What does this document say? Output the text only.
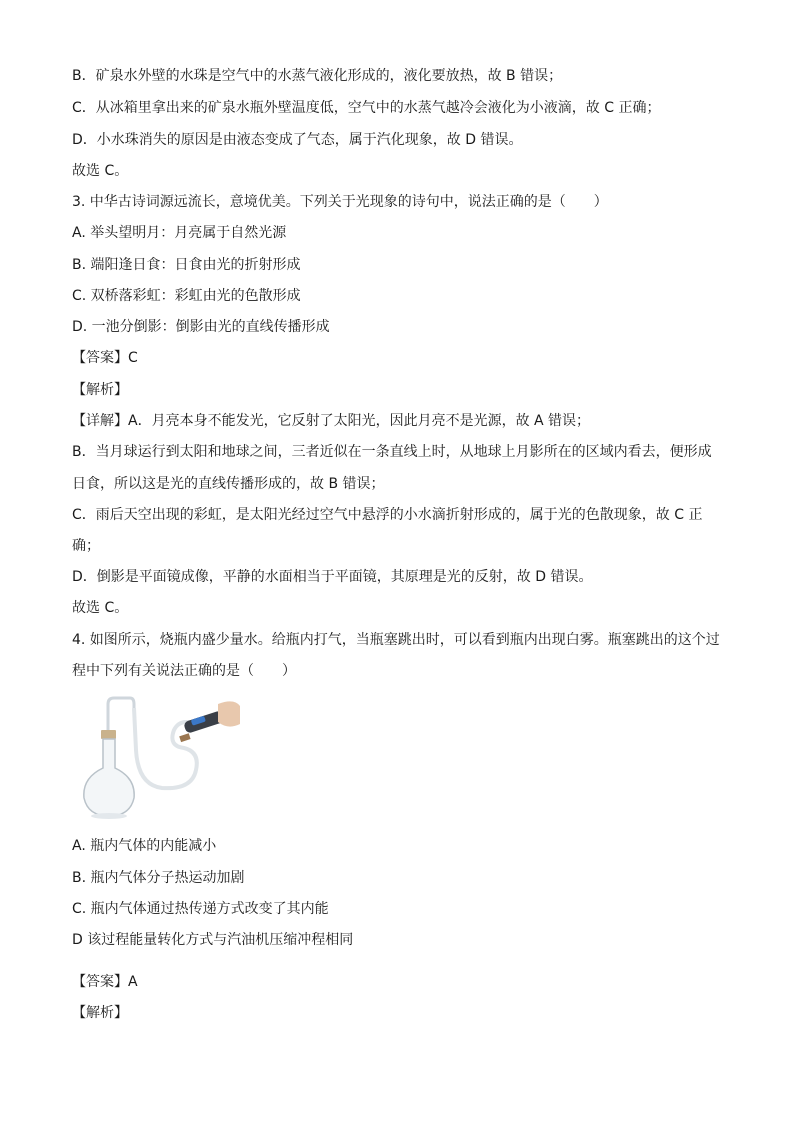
B．矿泉水外壁的水珠是空气中的水蒸气液化形成的，液化要放热，故 B 错误；
C．从冰箱里拿出来的矿泉水瓶外壁温度低，空气中的水蒸气越冷会液化为小液滴，故 C 正确；
D．小水珠消失的原因是由液态变成了气态，属于汽化现象，故 D 错误。
故选 C。
3. 中华古诗词源远流长，意境优美。下列关于光现象的诗句中，说法正确的是（　　）
A. 举头望明月：月亮属于自然光源
B. 端阳逢日食：日食由光的折射形成
C. 双桥落彩虹：彩虹由光的色散形成
D. 一池分倒影：倒影由光的直线传播形成
【答案】C
【解析】
【详解】A．月亮本身不能发光，它反射了太阳光，因此月亮不是光源，故 A 错误；
B．当月球运行到太阳和地球之间，三者近似在一条直线上时，从地球上月影所在的区域内看去，便形成
日食，所以这是光的直线传播形成的，故 B 错误；
C．雨后天空出现的彩虹，是太阳光经过空气中悬浮的小水滴折射形成的，属于光的色散现象，故 C 正
确；
D．倒影是平面镜成像，平静的水面相当于平面镜，其原理是光的反射，故 D 错误。
故选 C。
4. 如图所示，烧瓶内盛少量水。给瓶内打气，当瓶塞跳出时，可以看到瓶内出现白雾。瓶塞跳出的这个过
程中下列有关说法正确的是（　　）
A. 瓶内气体的内能减小
B. 瓶内气体分子热运动加剧
C. 瓶内气体通过热传递方式改变了其内能
D 该过程能量转化方式与汽油机压缩冲程相同
【答案】A
【解析】
